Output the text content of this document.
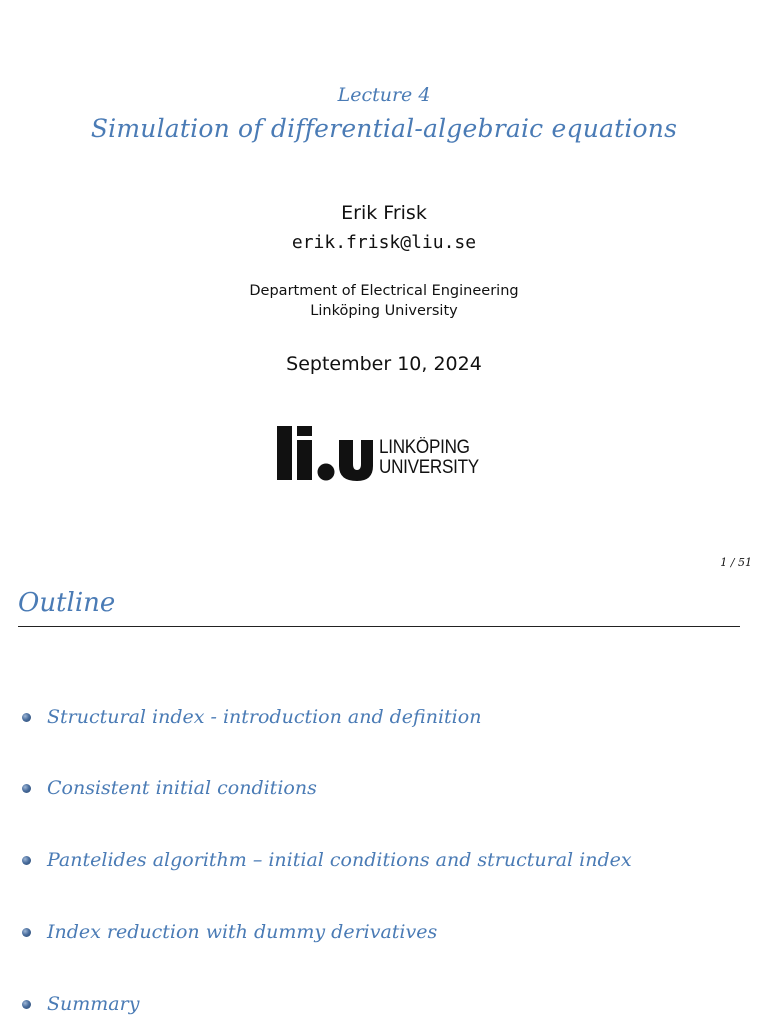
Lecture 4
Simulation of differential-algebraic equations
Erik Frisk
erik.frisk@liu.se
Department of Electrical Engineering
Linköping University
September 10, 2024
LINKÖPING
UNIVERSITY
1 / 51
Outline
Structural index - introduction and definition
Consistent initial conditions
Pantelides algorithm – initial conditions and structural index
Index reduction with dummy derivatives
Summary
